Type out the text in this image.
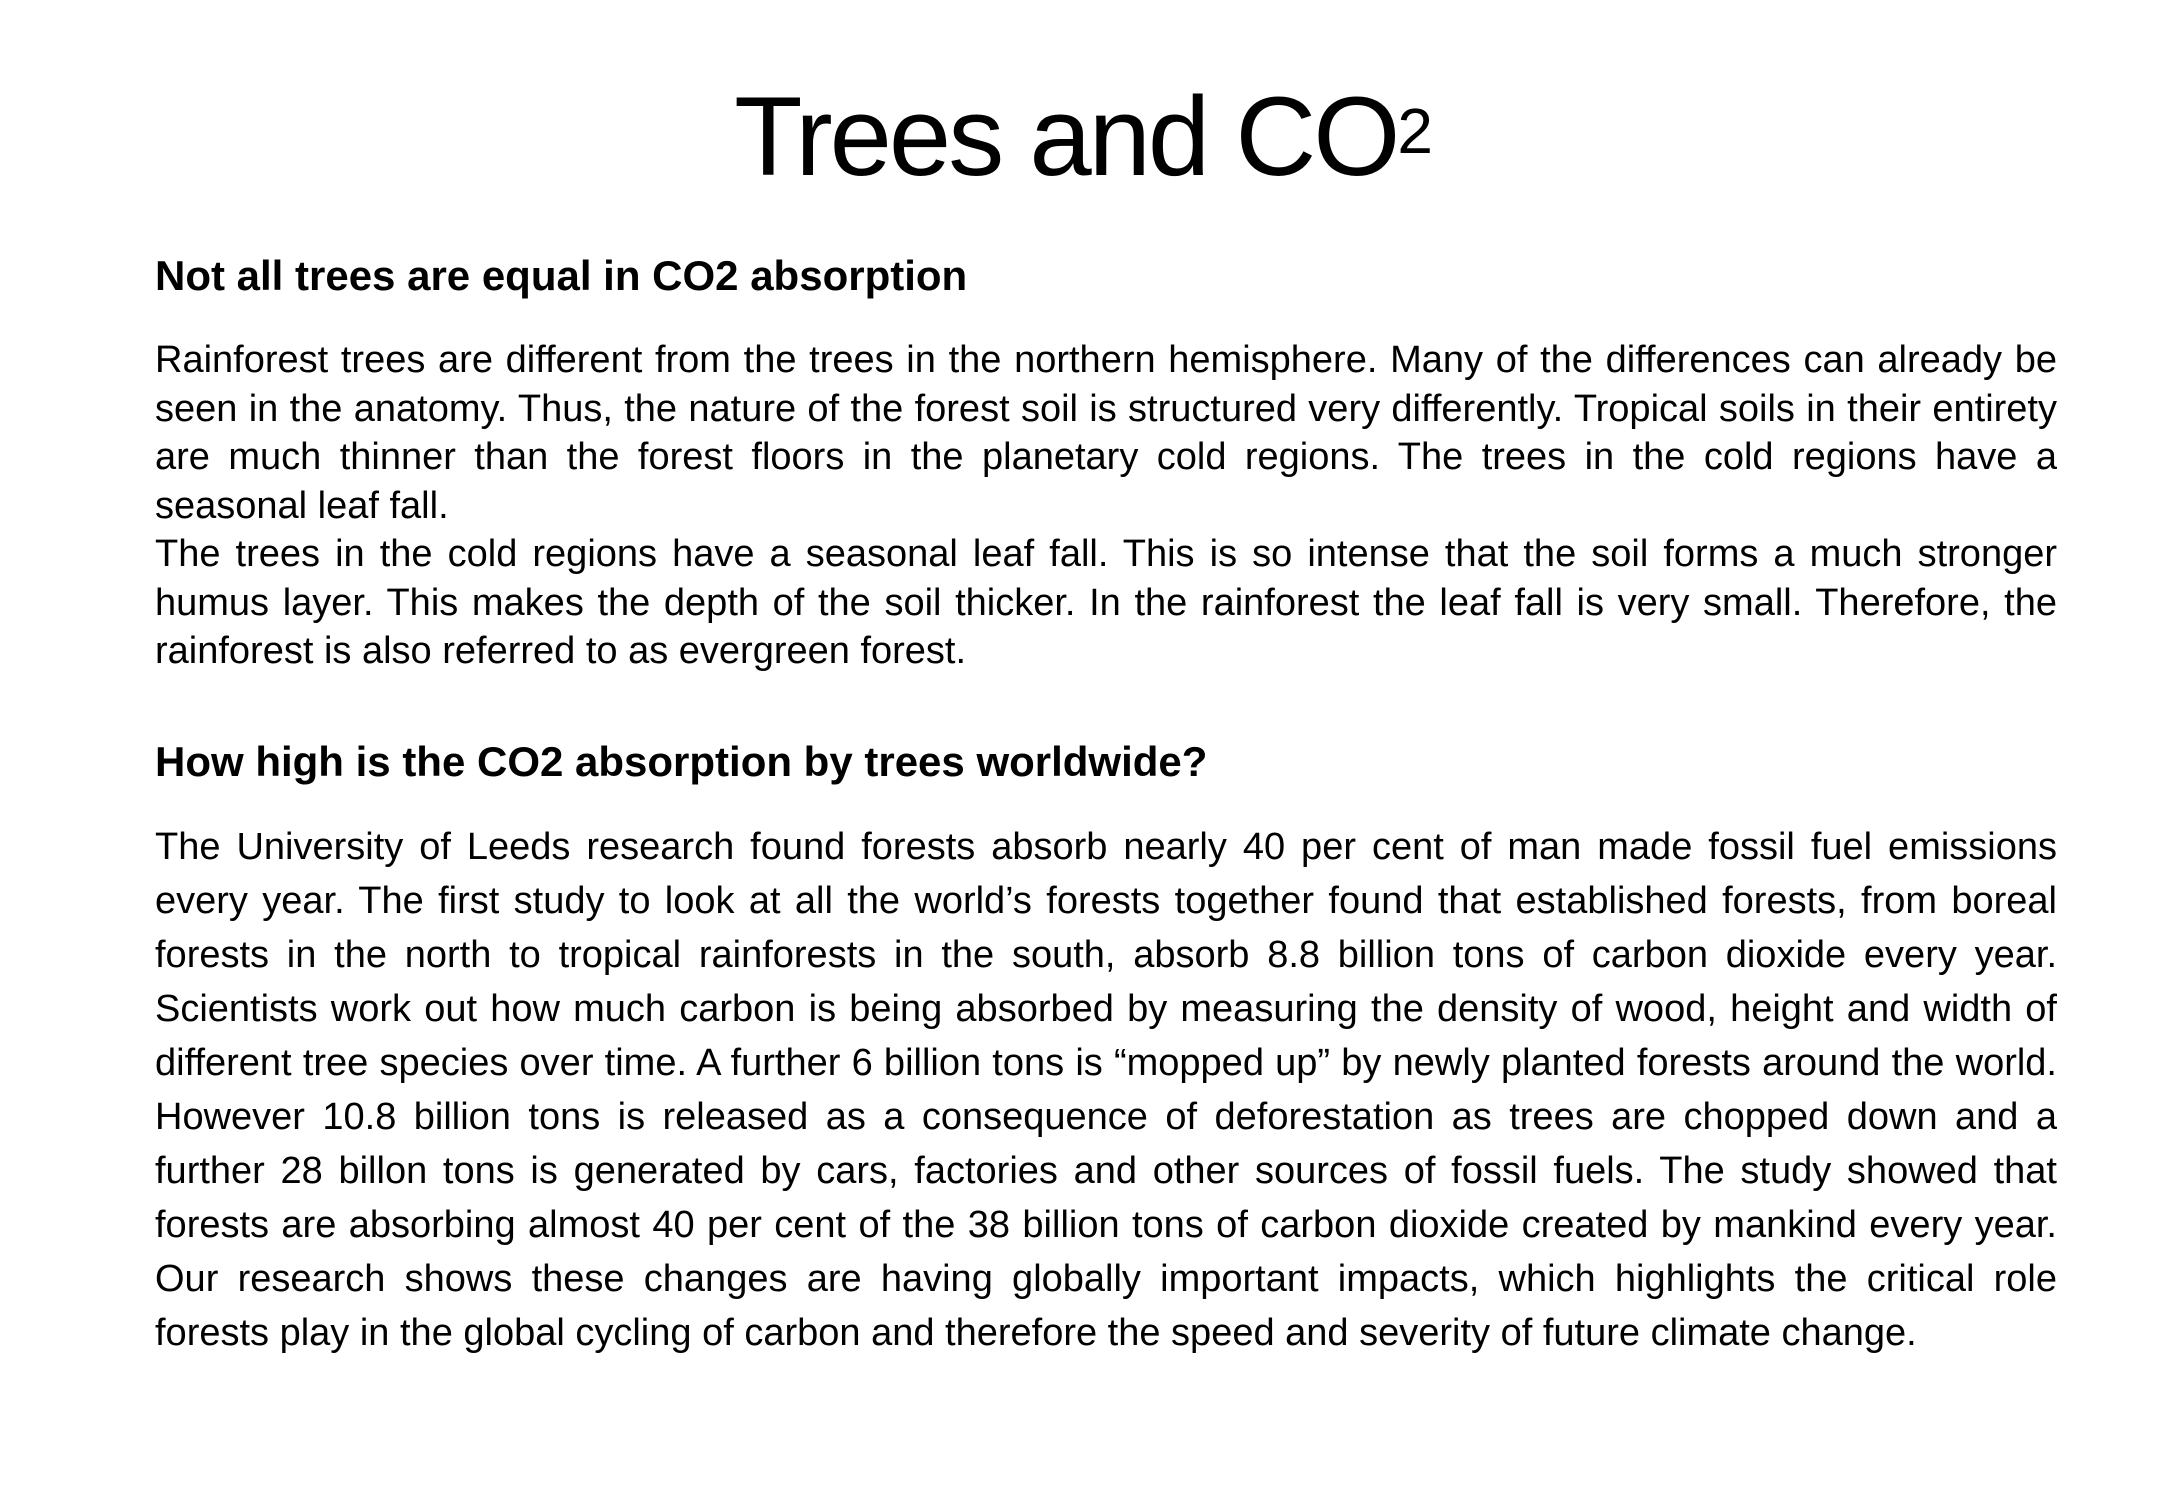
Trees and $CO^2$
Not all trees are equal in CO2 absorption

Rainforest trees are different from the trees in the northern hemisphere. Many of the differences can already be seen in the anatomy. Thus, the nature of the forest soil is structured very differently. Tropical soils in their entirety are much thinner than the forest floors in the planetary cold regions. The trees in the cold regions have a seasonal leaf fall.

The trees in the cold regions have a seasonal leaf fall. This is so intense that the soil forms a much stronger humus layer. This makes the depth of the soil thicker. In the rainforest the leaf fall is very small. Therefore, the rainforest is also referred to as evergreen forest.

How high is the CO2 absorption by trees worldwide?

The University of Leeds research found forests absorb nearly 40 per cent of man made fossil fuel emissions every year. The first study to look at all the world’s forests together found that established forests, from boreal forests in the north to tropical rainforests in the south, absorb 8.8 billion tons of carbon dioxide every year. Scientists work out how much carbon is being absorbed by measuring the density of wood, height and width of different tree species over time. A further 6 billion tons is “mopped up” by newly planted forests around the world. However 10.8 billion tons is released as a consequence of deforestation as trees are chopped down and a further 28 billon tons is generated by cars, factories and other sources of fossil fuels. The study showed that forests are absorbing almost 40 per cent of the 38 billion tons of carbon dioxide created by mankind every year. Our research shows these changes are having globally important impacts, which highlights the critical role forests play in the global cycling of carbon and therefore the speed and severity of future climate change.
